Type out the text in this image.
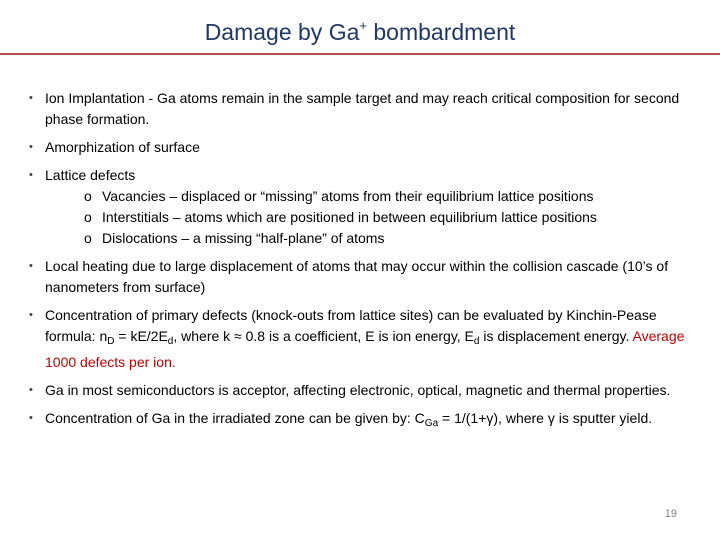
Damage by Ga+ bombardment
• Ion Implantation - Ga atoms remain in the sample target and may reach critical composition for second phase formation.
• Amorphization of surface
• Lattice defects
o Vacancies – displaced or “missing” atoms from their equilibrium lattice positions
o Interstitials – atoms which are positioned in between equilibrium lattice positions
o Dislocations – a missing “half-plane” of atoms
• Local heating due to large displacement of atoms that may occur within the collision cascade (10’s of nanometers from surface)
• Concentration of primary defects (knock-outs from lattice sites) can be evaluated by Kinchin-Pease formula: $n_D = kE/2E_d$, where k ≈ 0.8 is a coefficient, E is ion energy, $E_d$ is displacement energy. Average 1000 defects per ion.
• Ga in most semiconductors is acceptor, affecting electronic, optical, magnetic and thermal properties.
• Concentration of Ga in the irradiated zone can be given by: $C_{Ga} = 1/(1+\gamma)$, where γ is sputter yield.
19
